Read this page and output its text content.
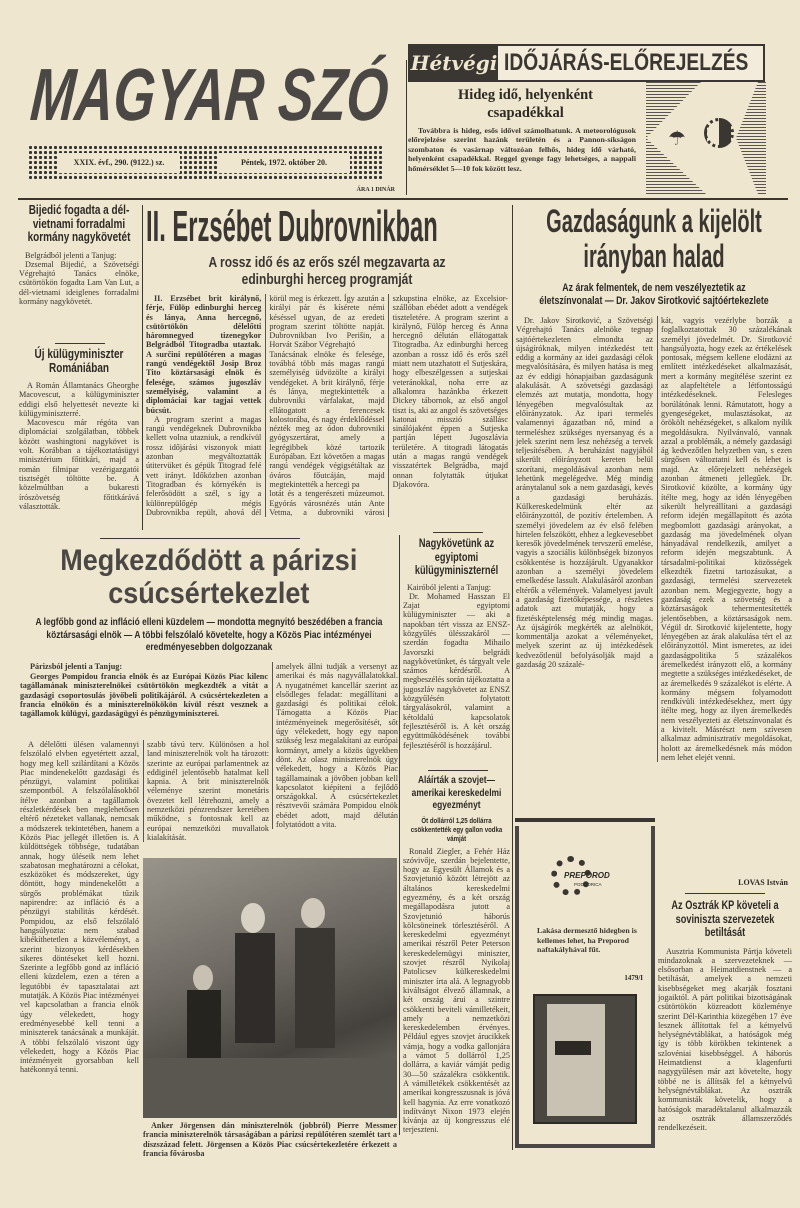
MAGYAR SZÓ
XXIX. évf., 290. (9122.) sz.	Péntek, 1972. október 20.
ÁRA 1 DINÁR
Hétvégi IDŐJÁRÁS-ELŐREJELZÉS
Hideg idő, helyenként csapadékkal
Továbbra is hideg, esős idővel számolhatunk. A meteorológusok előrejelzése szerint hazánk területén és a Pannon-síkságon szombaton és vasárnap változóan felhős, hideg idő várható, helyenként csapadékkal. Reggel gyenge fagy lehetséges, a nappali hőmérséklet 5—10 fok között lesz.
☂
Bijedić fogadta a dél-vietnami forradalmi kormány nagykövetét
Belgrádból jelenti a Tanjug:
Dzsemal Bijedić, a Szövetségi Végrehajtó Tanács elnöke, csütörtökön fogadta Lam Van Lut, a dél-vietnami ideiglenes forradalmi kormány nagykövetét.
Új külügyminiszter Romániában

A Román Államtanács Gheorghe Macovescut, a külügyminiszter eddigi első helyettesét nevezte ki külügyminiszterré.

Macovescu már régóta van diplomáciai szolgálatban, többek között washingtoni nagykövet is volt. Korábban a tájékoztatásügyi minisztérium főtitkári, majd a román filmipar vezérigazgatói tisztségét töltötte be. A közelmúltban a bukaresti írószövetség főtitkárává választották.

II. Erzsébet Dubrovnikban
A rossz idő és az erős szél megzavarta az edinburghi herceg programját

II. Erzsébet brit királynő, férje, Fülöp edinburghi herceg és lánya, Anna hercegnő, csütörtökön délelőtti háromnegyed tizenegykor Belgrádból Titogradba utaztak. A surčini repülőtéren a magas rangú vendégektől Josip Broz Tito köztársasági elnök és felesége, számos jugoszláv személyiség, valamint a diplomáciai kar tagjai vettek búcsút.

A program szerint a magas rangú vendégeknek Dubrovnikba kellett volna utazniuk, a rendkívül rossz időjárási viszonyok miatt azonban megváltoztatták útitervüket és gépük Titograd felé vett irányt. Időközben azonban Titogradban és környékén is felerősödött a szél, s így a különrepülőgép mégis Dubrovnikba repült, ahová dél körül meg is érkezett. Így azután a királyi pár és kísérete némi késéssel ugyan, de az eredeti program szerint töltötte napját. Dubrovnikban Ivo Perišin, a Horvát Szábor Végrehajtó

Tanácsának elnöke és felesége, továbbá több más magas rangú személyiség üdvözölte a királyi vendégeket. A brit királynő, férje és lánya, megtekintették a dubrovniki várfalakat, majd ellátogatott a ferencesek kolostorába, és nagy érdeklődéssel nézték meg az ódon dubrovniki gyógyszertárat, amely a legrégibbek közé tartozik Európában. Ezt követően a magas rangú vendégek végigsétáltak az óváros főutcáján, majd megtekintették a hercegi pa

lotát és a tengerészeti múzeumot. Egyórás városnézés után Ante Vetma, a dubrovniki városi szkupstina elnöke, az Excelsior-szállóban ebédet adott a vendégek tiszteletére. A program szerint a királynő, Fülöp herceg és Anna hercegnő délután ellátogattak Titogradba. Az edinburghi herceg azonban a rossz idő és erős szél miatt nem utazhatott el Sutjeskára, hogy elbeszélgessen a sutjeskai veteránokkal, noha erre az alkalomra hazánkba érkezett Dickey tábornok, az első angol tiszt is, aki az angol és szövetséges katonai misszió szállásc sinálójaként éppen a Sutjeska partján lépett Jugoszlávia területére. A titogradi látogatás után a magas rangú vendégek visszatértek Belgrádba, majd onnan folytatták útjukat Djakovóra.

Gazdaságunk a kijelölt irányban halad
Az árak felmentek, de nem veszélyeztetik az életszínvonalat — Dr. Jakov Sirotković sajtóértekezlete
Dr. Jakov Sirotković, a Szövetségi Végrehajtó Tanács alelnöke tegnap sajtóértekezleten elmondta az újságíróknak, milyen intézkedést tett eddig a kormány az idei gazdasági célok megvalósítására, és milyen hatása is meg az év eddigi hónapjaiban gazdaságunk alakulását. A szövetségi gazdasági elemzés azt mutatja, mondotta, hogy lényegében megvalósultak az előirányzatok. Az ipari termelés valamennyi ágazatban nő, mind a termeléshez szükséges nyersanyag és a jelek szerint nem lesz nehézség a tervek teljesítésében. A beruházást nagyjából sikerült előirányzott kereten belül szorítani, megoldásával azonban nem lehetünk megelégedve. Még mindig aránytalanul sok a nem gazdasági, kevés a gazdasági beruházás. Külkereskedelmünk eltér az előirányzottól, de pozitív értelemben. A személyi jövedelem az év első felében hirtelen felszökött, ehhez a legkevesebbet keresők jövedelmének tervszerű emelése, vagyis a szociális különbségek bizonyos csökkentése is hozzájárult. Ugyanakkor azonban a személyi jövedelem emelkedése lassult. Alakulásáról azonban eltérők a vélemények. Valamelyest javult a gazdaság fizetőképessége, a részletes adatok azt mutatják, hogy a fizetésképtelenség még mindig magas. Az újságírók megkérték az alelnököt, kommentálja azokat a véleményeket, melyek szerint az új intézkedések kedvezőtlenül befolyásolják majd a gazdaság 20 százalé-
kát, vagyis vezérlybe borzák a foglalkoztatottak 30 százalékának személyi jövedelmét. Dr. Sirotković hangsúlyozta, hogy ezek az értékelések pontosak, mégsem kellene elodázni az említett intézkedéseket alkalmazását, mert a kormány megítélése szerint ez az alapfeltétele a létfontosságú intézkedéseknek. Felesleges borúlátónak lenni. Rámutatott, hogy a gyengeségeket, mulasztásokat, az örökölt nehézségeket, s alkalom nyílik megoldásukra. Nyilvánvaló, vannak azzal a problémák, a némely gazdasági ág kedvezőtlen helyzetben van, s ezen sürgősen változtatni kell és lehet is majd. Az előrejelzett nehézségek azonban átmeneti jellegűek. Dr. Sirotković közölte, a kormány úgy ítélte meg, hogy az idén lényegében sikerült helyreállítani a gazdasági reform idején megállapított és azóta megbomlott gazdasági arányokat, a gazdaság ma jövedelmének olyan hányadával rendelkezik, amilyet a reform idején megszabtunk. A társadalmi-politikai közösségek elkezdték fizetni tartozásukat, a gazdasági, termelési szervezetek azonban nem. Megjegyezte, hogy a gazdaság ezek a szövetség és a köztársaságok tehermentesítették jelentősebben, a köztársaságok nem. Végül dr. Sirotković kijelentette, hogy lényegében az árak alakulása tért el az előirányzottól. Mint ismeretes, az idei gazdaságpolitika 5 százalékos áremelkedést irányzott elő, a kormány megtette a szükséges intézkedéseket, de az áremelkedés 9 százalékot is elérte. A kormány mégsem folyamodott rendkívüli intézkedésekhez, mert úgy ítélte meg, hogy az ilyen áremelkedés nem veszélyezteti az életszínvonalat és a kivitelt. Másrészt nem szívesen alkalmaz adminisztratív megoldásokat, holott az áremelkedésnek más módon nem lehet elejét venni.
LOVAS István
Megkezdődött a párizsi csúcsértekezlet
A legfőbb gond az infláció elleni küzdelem — mondotta megnyitó beszédében a francia köztársasági elnök — A többi felszólaló követelte, hogy a Közös Piac intézményei eredményesebben dolgozzanak
Párizsból jelenti a Tanjug:
Georges Pompidou francia elnök és az Európai Közös Piac kilenc tagállamának miniszterelnökei csütörtökön megkezdték a vitát a gazdasági csoportosulás jövőbeli politikájáról. A csúcsértekezleten a francia elnökön és a miniszterelnökökön kívül részt vesznek a tagállamok külügyi, gazdaságügyi és pénzügyminiszterei.
A délelőtti ülésen valamennyi felszólaló elvben egyetértett azzal, hogy meg kell szilárdítani a Közös Piac mindenekelőtt gazdasági és pénzügyi, valamint politikai szempontból. A felszólalásokból ítélve azonban a tagállamok részletkérdések ben meglehetősen eltérő nézeteket vallanak, nemcsak a módszerek tekintetében, hanem a Közös Piac jellegét illetően is. A küldöttségek többsége, tudatában annak, hogy üléseik nem lehet szabatosan meghatározni a célokat, eszközöket és módszereket, úgy döntött, hogy mindenekelőtt a sürgős problémákat tűzik napirendre: az infláció és a pénzügyi stabilitás kérdését. Pompidou, az első felszólaló hangsúlyozta: nem szabad kibékíthetetlen a közvéleményt, a szerint bizonyos kérdésekben sikeres döntéseket kell hozni. Szerinte a legfőbb gond az infláció elleni küzdelem, ezen a téren a legutóbbi év tapasztalatai azt mutatják. A Közös Piac intézményei vel kapcsolatban a francia elnök úgy vélekedett, hogy eredményesebbé kell tenni a miniszterek tanácsának a munkáját. A többi felszólaló viszont úgy vélekedett, hogy a Közös Piac intézményeit gyorsabban kell hatékonnyá tenni.
szabb távú terv. Különösen a hol land miniszterelnök volt ha tározott: szerinte az európai parlamentnek az eddiginél jelentősebb hatalmat kell kapnia. A brit miniszterelnök véleménye szerint monetáris övezetet kell létrehozni, amely a nemzetközi pénzrendszer keretében működne, s fontosnak kell az európai nemzetközi muvallatok kialakítását.
amelyek állni tudják a versenyt az amerikai és más nagyvállalatokkal. A nyugatnémet kancellár szerint az elsődleges feladat: megállítani a gazdasági és politikai célok. Támogatta a Közös Piac intézményeinek megerősítését, sőt úgy vélekedett, hogy egy napon szükség lesz megalakítani az európai kormányt, amely a közös ügyekben dönt. Az olasz miniszterelnök úgy vélekedett, hogy a Közös Piac tagállamainak a jövőben jobban kell kapcsolatot kiépíteni a fejlődő országokkal. A csúcsértekezlet résztvevői számára Pompidou elnök ebédet adott, majd délután folytatódott a vita.
Anker Jörgensen dán miniszterelnök (jobbról) Pierre Messmer francia miniszterelnök társaságában a párizsi repülőtéren szemlét tart a díszszázad felett. Jörgensen a Közös Piac csúcsértekezletére érkezett a francia fővárosba
Nagykövetünk az egyiptomi külügyminiszternél
Kairóból jelenti a Tanjug:
Dr. Mohamed Hasszan El Zajat egyiptomi külügyminiszter — aki a napokban tért vissza az ENSZ-közgyűlés ülésszakáról — szerdán fogadta Mihailo Javorszki belgrádi nagykövetünket, és tárgyalt vele számos kérdésről. A megbeszélés során tájékoztatta a jugoszláv nagykövetet az ENSZ közgyűlésén folytatott tárgyalásokról, valamint a kétoldalú kapcsolatok fejlesztéséről is. A két ország együttműködésének további fejlesztéséről is hozzájárul.
Aláírták a szovjet—amerikai kereskedelmi egyezményt
Öt dollárról 1,25 dollárra csökkentették egy gallon vodka vámját
Ronald Ziegler, a Fehér Ház szóvivője, szerdán bejelentette, hogy az Egyesült Államok és a Szovjetunió között létrejött az általános kereskedelmi egyezmény, és a két ország megállapodásra jutott a Szovjetunió háborús kölcsöneinek törlesztéséről. A kereskedelmi egyezményt amerikai részről Peter Peterson kereskedelemügyi miniszter, szovjet részről Nyikolaj Patolicsev külkereskedelmi miniszter írta alá. A legnagyobb kiváltságot élvező államnak, a két ország árui a szintre csökkenti beviteli vámilletékeit, amely a nemzetközi kereskedelemben érvényes. Például egyes szovjet árucikkek vámja, hogy a vodka gallonjára a vámot 5 dollárról 1,25 dollárra, a kaviár vámját pedig 30—50 százalékra csökkentik. A vámilletékek csökkentését az amerikai kongresszusnak is jóvá kell hagynia. Az erre vonatkozó indítványt Nixon 1973 elején kívánja az új kongresszus elé terjeszteni.
PREPOROD
PODGORICA
Lakása dermesztő hidegben is kellemes lehet, ha Preporod naftakályhával fűt.
1479/I
Az Osztrák KP követeli a soviniszta szervezetek betiltását
Ausztria Kommunista Pártja követeli mindazoknak a szervezeteknek — elsősorban a Heimatdienstnek — a betiltását, amelyek a nemzeti kisebbségeket meg akarják fosztani jogaiktól. A párt politikai bizottságának csütörtökön közreadott közleménye szerint Dél-Karinthia közegében 17 éve lesznek állítottak fel a kétnyelvű helységnévtáblákat, a hatóságok még így is több körökben tekintenek a szlovéniai kisebbséggel. A háborús Heimatdienst a klagenfurti nagygyűlésen már azt követelte, hogy többé ne is állítsák fel a kétnyelvű helységnévtáblákat. Az osztrák kommunisták követelik, hogy a hatóságok maradéktalanul alkalmazzák az osztrák államszerződés rendelkezéseit.
